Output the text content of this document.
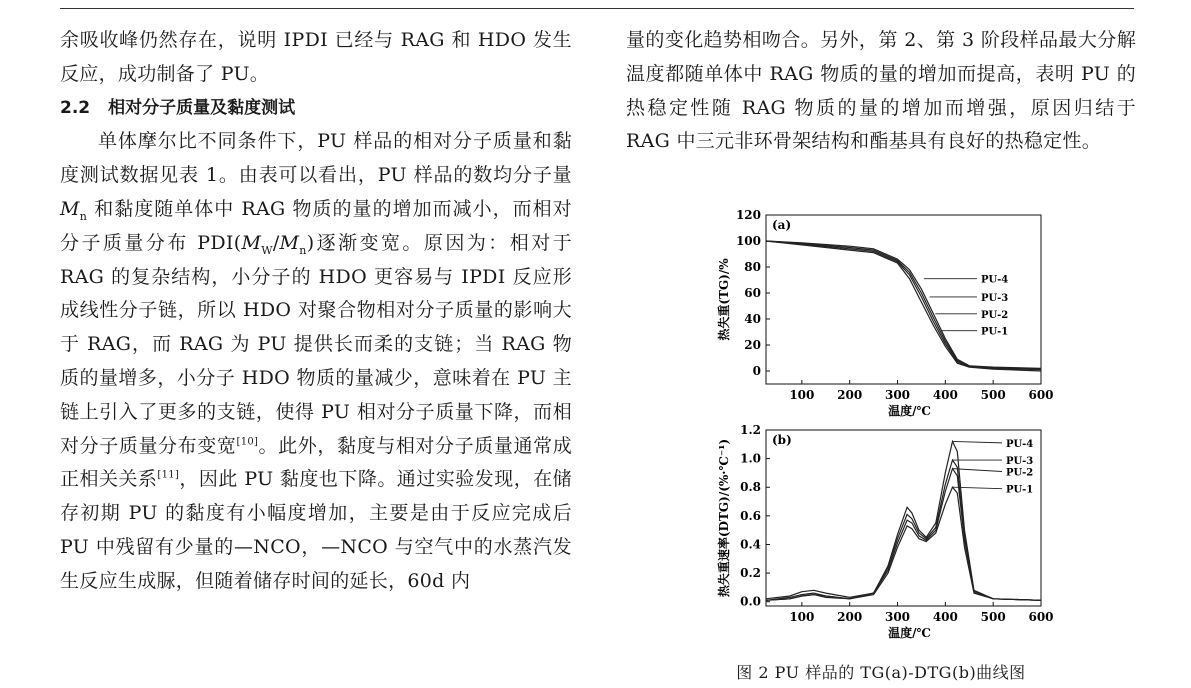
余吸收峰仍然存在，说明 IPDI 已经与 RAG 和 HDO 发生反应，成功制备了 PU。

2.2 相对分子质量及黏度测试

单体摩尔比不同条件下，PU 样品的相对分子质量和黏度测试数据见表 1。由表可以看出，PU 样品的数均分子量 $M_n$ 和黏度随单体中 RAG 物质的量的增加而减小，而相对分子质量分布 $PDI(M_W/M_n)$逐渐变宽。原因为：相对于 RAG 的复杂结构，小分子的 HDO 更容易与 IPDI 反应形成线性分子链，所以 HDO 对聚合物相对分子质量的影响大于 RAG，而 RAG 为 PU 提供长而柔的支链；当 RAG 物质的量增多，小分子 HDO 物质的量减少，意味着在 PU 主链上引入了更多的支链，使得 PU 相对分子质量下降，而相对分子质量分布变宽[10]。此外，黏度与相对分子质量通常成正相关关系[11]，因此 PU 黏度也下降。通过实验发现，在储存初期 PU 的黏度有小幅度增加，主要是由于反应完成后 PU 中残留有少量的—NCO，—NCO 与空气中的水蒸汽发生反应生成脲，但随着储存时间的延长，60d 内

量的变化趋势相吻合。另外，第 2、第 3 阶段样品最大分解温度都随单体中 RAG 物质的量的增加而提高，表明 PU 的热稳定性随 RAG 物质的量的增加而增强，原因归结于 RAG 中三元非环骨架结构和酯基具有良好的热稳定性。

100 200 300 400 500 600
0
20
40
60
80
100
120
温度/℃
热失重(TG)/%
(a)
PU-4
PU-3
PU-2
PU-1
100 200 300 400 500 600
0.0
0.2
0.4
0.6
0.8
1.0
1.2
温度/℃
热失重速率(DTG)/(%·℃⁻¹)	(b)	PU-4
PU-3
PU-2
PU-1
图 2 PU 样品的 TG(a)-DTG(b)曲线图
